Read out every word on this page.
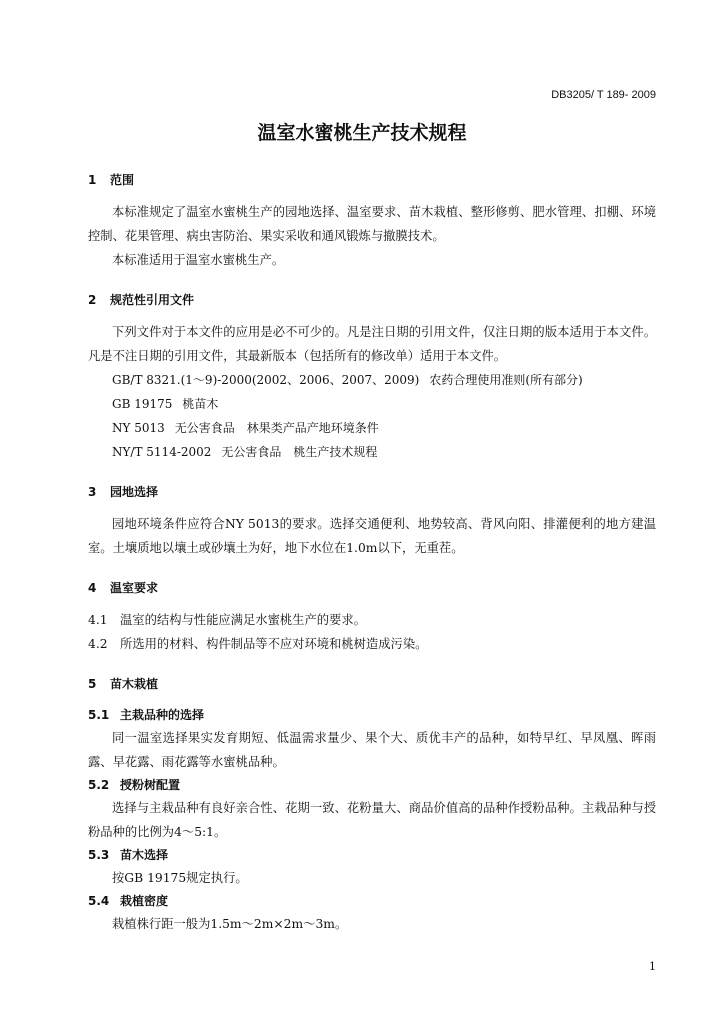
DB3205/ T 189- 2009
温室水蜜桃生产技术规程
1 范围

本标准规定了温室水蜜桃生产的园地选择、温室要求、苗木栽植、整形修剪、肥水管理、扣棚、环境控制、花果管理、病虫害防治、果实采收和通风锻炼与撤膜技术。

本标准适用于温室水蜜桃生产。

2 规范性引用文件

下列文件对于本文件的应用是必不可少的。凡是注日期的引用文件，仅注日期的版本适用于本文件。凡是不注日期的引用文件，其最新版本（包括所有的修改单）适用于本文件。

GB/T 8321.(1～9)-2000(2002、2006、2007、2009) 农药合理使用准则(所有部分)
GB 19175 桃苗木
NY 5013 无公害食品　林果类产品产地环境条件
NY/T 5114-2002 无公害食品　桃生产技术规程
3 园地选择

园地环境条件应符合NY 5013的要求。选择交通便利、地势较高、背风向阳、排灌便利的地方建温室。土壤质地以壤土或砂壤土为好，地下水位在1.0m以下，无重茬。

4 温室要求

4.1 温室的结构与性能应满足水蜜桃生产的要求。

4.2 所选用的材料、构件制品等不应对环境和桃树造成污染。

5 苗木栽植
5.1 主栽品种的选择

同一温室选择果实发育期短、低温需求量少、果个大、质优丰产的品种，如特早红、早凤凰、晖雨露、早花露、雨花露等水蜜桃品种。

5.2 授粉树配置

选择与主栽品种有良好亲合性、花期一致、花粉量大、商品价值高的品种作授粉品种。主栽品种与授粉品种的比例为4～5:1。

5.3 苗木选择

按GB 19175规定执行。

5.4 栽植密度

栽植株行距一般为1.5m～2m×2m～3m。

1
